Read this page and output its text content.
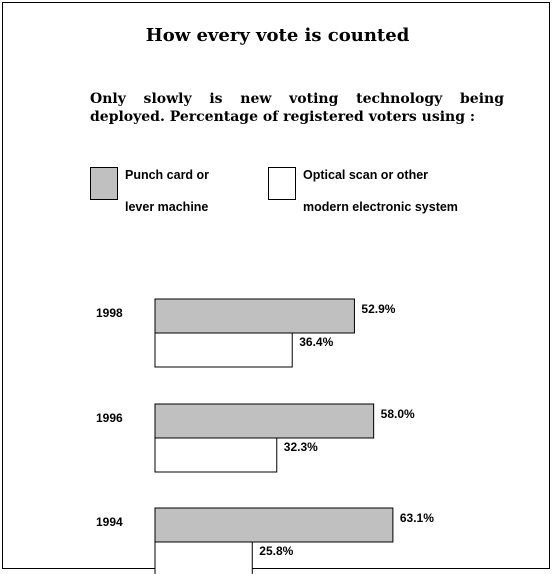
How every vote is counted
Only slowly is new voting technology being deployed. Percentage of registered voters using :
Punch card or
lever machine
Optical scan or other
modern electronic system
1998	52.9%
36.4%
1996	58.0%
32.3%
1994	63.1%
25.8%
